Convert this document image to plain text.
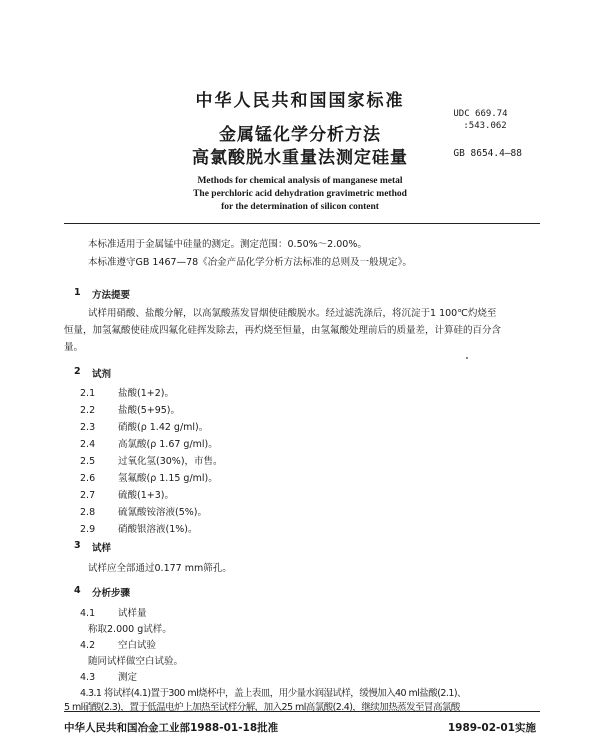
中华人民共和国国家标准
金属锰化学分析方法
高氯酸脱水重量法测定硅量
UDC 669.74
:543.062
GB 8654.4—88
Methods for chemical analysis of manganese metal
The perchloric acid dehydration gravimetric method
for the determination of silicon content
本标准适用于金属锰中硅量的测定。测定范围：0.50%～2.00%。
本标准遵守GB 1467—78《冶金产品化学分析方法标准的总则及一般规定》。
1 方法提要
试样用硝酸、盐酸分解，以高氯酸蒸发冒烟使硅酸脱水。经过滤洗涤后，将沉淀于1 100℃灼烧至
恒量，加氢氟酸使硅成四氟化硅挥发除去，再灼烧至恒量，由氢氟酸处理前后的质量差，计算硅的百分含
量。
2 试剂
2.1 盐酸(1+2)。
2.2 盐酸(5+95)。
2.3 硝酸(ρ 1.42 g/ml)。
2.4 高氯酸(ρ 1.67 g/ml)。
2.5 过氧化氢(30%)，市售。
2.6 氢氟酸(ρ 1.15 g/ml)。
2.7 硫酸(1+3)。
2.8 硫氰酸铵溶液(5%)。
2.9 硝酸银溶液(1%)。
3 试样
试样应全部通过0.177 mm筛孔。
4 分析步骤
4.1 试样量
称取2.000 g试样。
4.2 空白试验
随同试样做空白试验。
4.3 测定
4.3.1 将试样(4.1)置于300 ml烧杯中，盖上表皿，用少量水润湿试样，缓慢加入40 ml盐酸(2.1)、
5 ml硝酸(2.3)，置于低温电炉上加热至试样分解，加入25 ml高氯酸(2.4)，继续加热蒸发至冒高氯酸
中华人民共和国冶金工业部1988-01-18批准	1989-02-01实施
